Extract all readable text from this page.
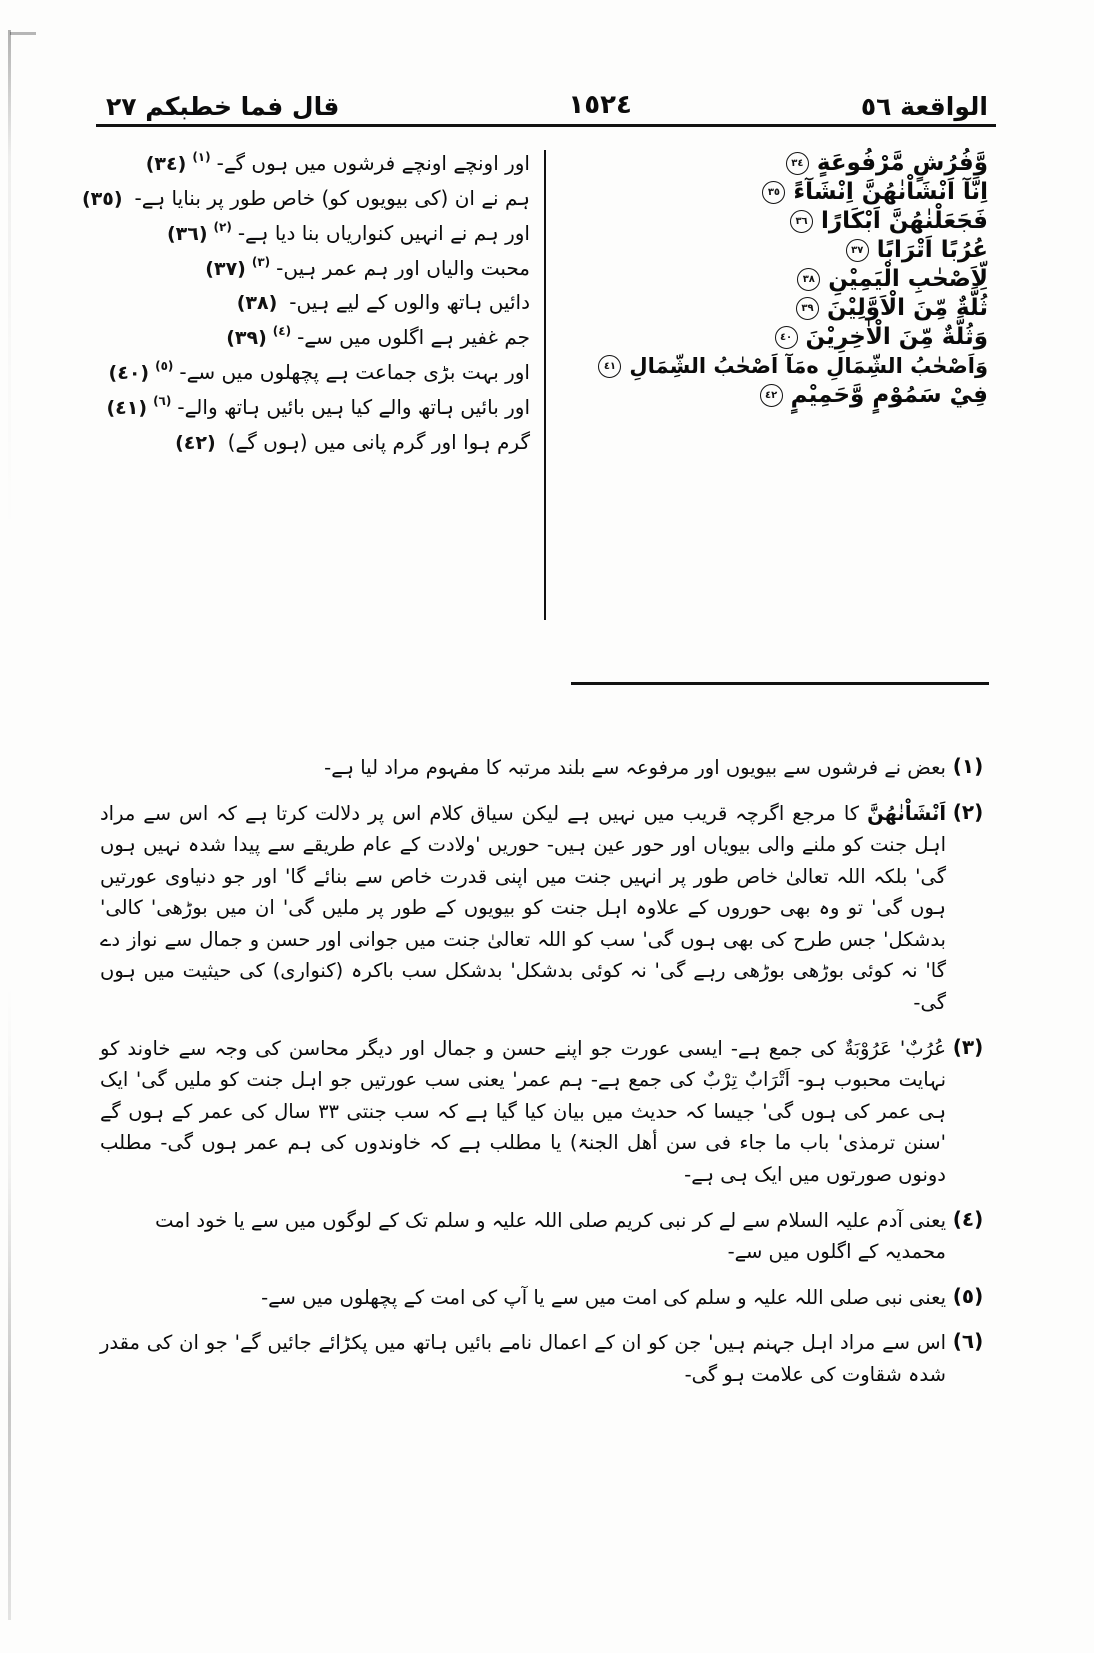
الواقعة ٥٦
١٥٢٤
قال فما خطبكم ٢٧
وَّفُرُشٍ مَّرْفُوعَةٍ
٣٤
اِنَّآ اَنْشَاْنٰهُنَّ اِنْشَآءً
٣٥
فَجَعَلْنٰهُنَّ اَبْكَارًا
٣٦
عُرُبًا اَتْرَابًا
٣٧
لِّاَصْحٰبِ الْيَمِيْنِ
٣٨
ثُلَّةٌ مِّنَ الْاَوَّلِيْنَ
٣٩
وَثُلَّةٌ مِّنَ الْاٰخِرِيْنَ
٤٠
وَاَصْحٰبُ الشِّمَالِ ەمَآ اَصْحٰبُ الشِّمَالِ
٤١
فِيْ سَمُوْمٍ وَّحَمِيْمٍ
٤٢
اور اونچے اونچے فرشوں میں ہوں گے-
(١)
(٣٤)
ہم نے ان (کی بیویوں کو) خاص طور پر بنایا ہے-
(٣٥)
اور ہم نے انہیں کنواریاں بنا دیا ہے-
(٢)
(٣٦)
محبت والیاں اور ہم عمر ہیں-
(٣)
(٣٧)
دائیں ہاتھ والوں کے لیے ہیں-
(٣٨)
جم غفیر ہے اگلوں میں سے-
(٤)
(٣٩)
اور بہت بڑی جماعت ہے پچھلوں میں سے-
(٥)
(٤٠)
اور بائیں ہاتھ والے کیا ہیں بائیں ہاتھ والے-
(٦)
(٤١)
گرم ہوا اور گرم پانی میں (ہوں گے)
(٤٢)
(١)
بعض نے فرشوں سے بیویوں اور مرفوعہ سے بلند مرتبہ کا مفہوم مراد لیا ہے-
(٢)
اَنْشَاْنٰهُنَّ کا مرجع اگرچہ قریب میں نہیں ہے لیکن سیاق کلام اس پر دلالت کرتا ہے کہ اس سے مراد اہل جنت کو ملنے والی بیویاں اور حور عین ہیں- حوریں 'ولادت کے عام طریقے سے پیدا شدہ نہیں ہوں گی' بلکہ اللہ تعالیٰ خاص طور پر انہیں جنت میں اپنی قدرت خاص سے بنائے گا' اور جو دنیاوی عورتیں ہوں گی' تو وہ بھی حوروں کے علاوہ اہل جنت کو بیویوں کے طور پر ملیں گی' ان میں بوڑھی' کالی' بدشکل' جس طرح کی بھی ہوں گی' سب کو اللہ تعالیٰ جنت میں جوانی اور حسن و جمال سے نواز دے گا' نہ کوئی بوڑھی بوڑھی رہے گی' نہ کوئی بدشکل' بدشکل سب باکرہ (کنواری) کی حیثیت میں ہوں گی-
(٣)
عُرُبٌ' عَرُوْبَةٌ کی جمع ہے- ایسی عورت جو اپنے حسن و جمال اور دیگر محاسن کی وجہ سے خاوند کو نہایت محبوب ہو- اَتْرَابٌ تِرْبٌ کی جمع ہے- ہم عمر' یعنی سب عورتیں جو اہل جنت کو ملیں گی' ایک ہی عمر کی ہوں گی' جیسا کہ حدیث میں بیان کیا گیا ہے کہ سب جنتی ٣٣ سال کی عمر کے ہوں گے 'سنن ترمذی' باب ما جاء فی سن أھل الجنۃ) یا مطلب ہے کہ خاوندوں کی ہم عمر ہوں گی- مطلب دونوں صورتوں میں ایک ہی ہے-
(٤)
یعنی آدم علیہ السلام سے لے کر نبی کریم صلی اللہ علیہ و سلم تک کے لوگوں میں سے یا خود امت محمدیہ کے اگلوں میں سے-
(٥)
یعنی نبی صلی اللہ علیہ و سلم کی امت میں سے یا آپ کی امت کے پچھلوں میں سے-
(٦)
اس سے مراد اہل جہنم ہیں' جن کو ان کے اعمال نامے بائیں ہاتھ میں پکڑائے جائیں گے' جو ان کی مقدر شدہ شقاوت کی علامت ہو گی-
